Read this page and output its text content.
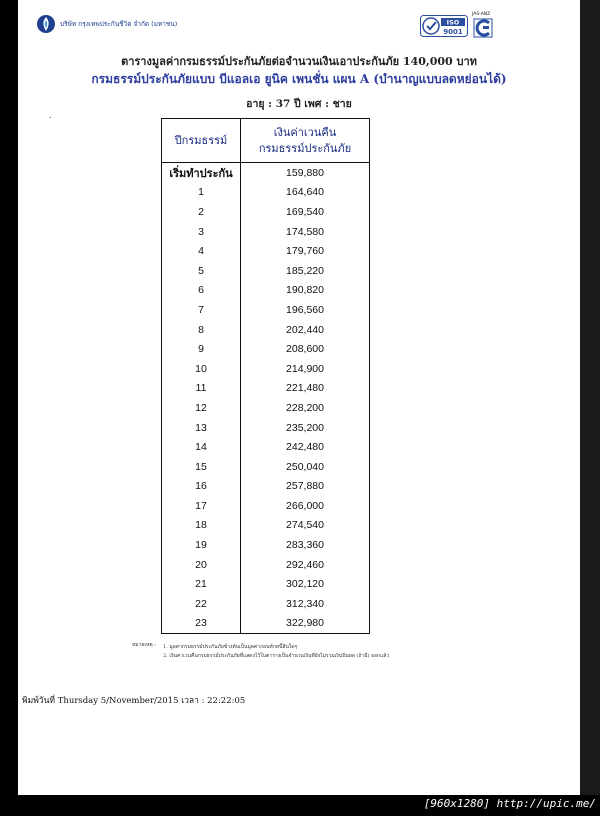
บริษัท กรุงเทพประกันชีวิต จำกัด (มหาชน)	ISO
9001
JAS-ANZ
ตารางมูลค่ากรมธรรม์ประกันภัยต่อจำนวนเงินเอาประกันภัย 140,000 บาท
กรมธรรม์ประกันภัยแบบ บีแอลเอ ยูนิค เพนชั่น แผน A (บำนาญแบบลดหย่อนได้)
อายุ : 37 ปี เพศ : ชาย
.
ปีกรมธรรม์	เงินค่าเวนคืน
กรมธรรม์ประกันภัย
เริ่มทำประกัน	159,880
1	164,640
2	169,540
3	174,580
4	179,760
5	185,220
6	190,820
7	196,560
8	202,440
9	208,600
10	214,900
11	221,480
12	228,200
13	235,200
14	242,480
15	250,040
16	257,880
17	266,000
18	274,540
19	283,360
20	292,460
21	302,120
22	312,340
23	322,980
หมายเหตุ : 1. มูลค่ากรมธรรม์ประกันภัยข้างต้นเป็นมูลค่าก่อนหักหนี้สินใดๆ
2. เงินค่าเวนคืนกรมธรรม์ประกันภัยที่แสดงไว้ในตารางเป็นจำนวนเงินที่ยังไม่รวมเงินปันผล (ถ้ามี) ออกแล้ว
พิมพ์วันที่ Thursday 5/November/2015 เวลา : 22:22:05
[960x1280] http://upic.me/
